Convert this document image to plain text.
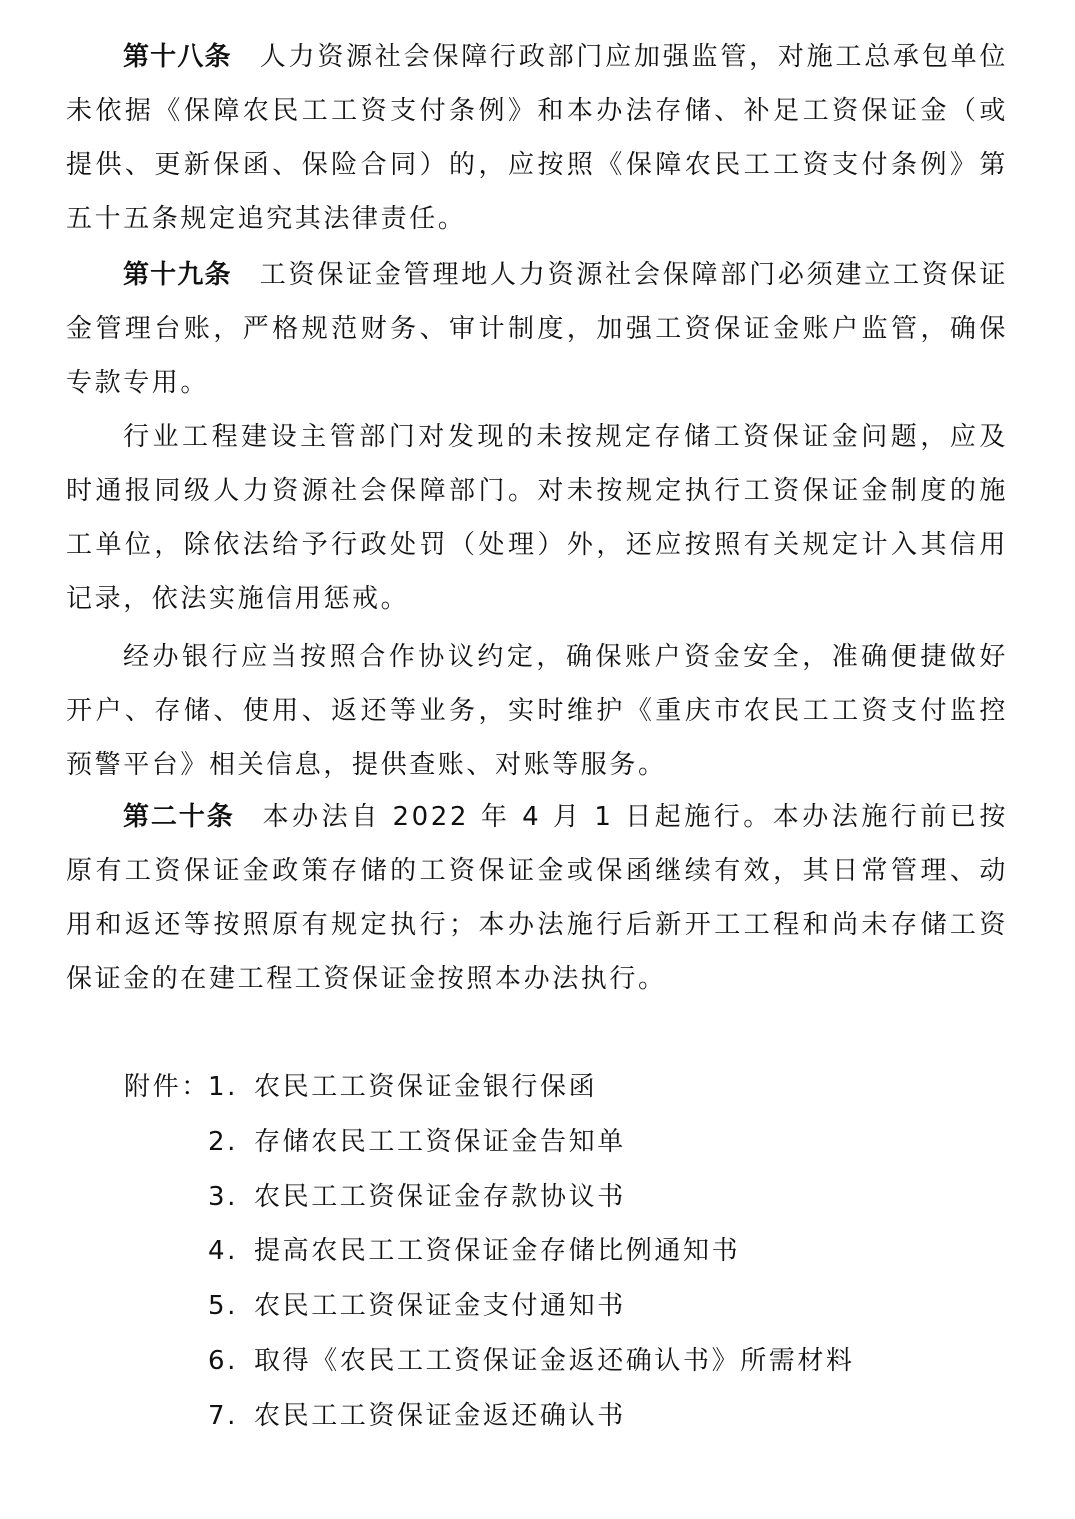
第十八条 人力资源社会保障行政部门应加强监管，对施工总承包单位未依据《保障农民工工资支付条例》和本办法存储、补足工资保证金（或提供、更新保函、保险合同）的，应按照《保障农民工工资支付条例》第五十五条规定追究其法律责任。

第十九条 工资保证金管理地人力资源社会保障部门必须建立工资保证金管理台账，严格规范财务、审计制度，加强工资保证金账户监管，确保专款专用。

行业工程建设主管部门对发现的未按规定存储工资保证金问题，应及时通报同级人力资源社会保障部门。对未按规定执行工资保证金制度的施工单位，除依法给予行政处罚（处理）外，还应按照有关规定计入其信用记录，依法实施信用惩戒。

经办银行应当按照合作协议约定，确保账户资金安全，准确便捷做好开户、存储、使用、返还等业务，实时维护《重庆市农民工工资支付监控预警平台》相关信息，提供查账、对账等服务。

第二十条 本办法自 2022 年 4 月 1 日起施行。本办法施行前已按原有工资保证金政策存储的工资保证金或保函继续有效，其日常管理、动用和返还等按照原有规定执行；本办法施行后新开工工程和尚未存储工资保证金的在建工程工资保证金按照本办法执行。

附件：
1. 农民工工资保证金银行保函
2. 存储农民工工资保证金告知单
3. 农民工工资保证金存款协议书
4. 提高农民工工资保证金存储比例通知书
5. 农民工工资保证金支付通知书
6. 取得《农民工工资保证金返还确认书》所需材料
7. 农民工工资保证金返还确认书
